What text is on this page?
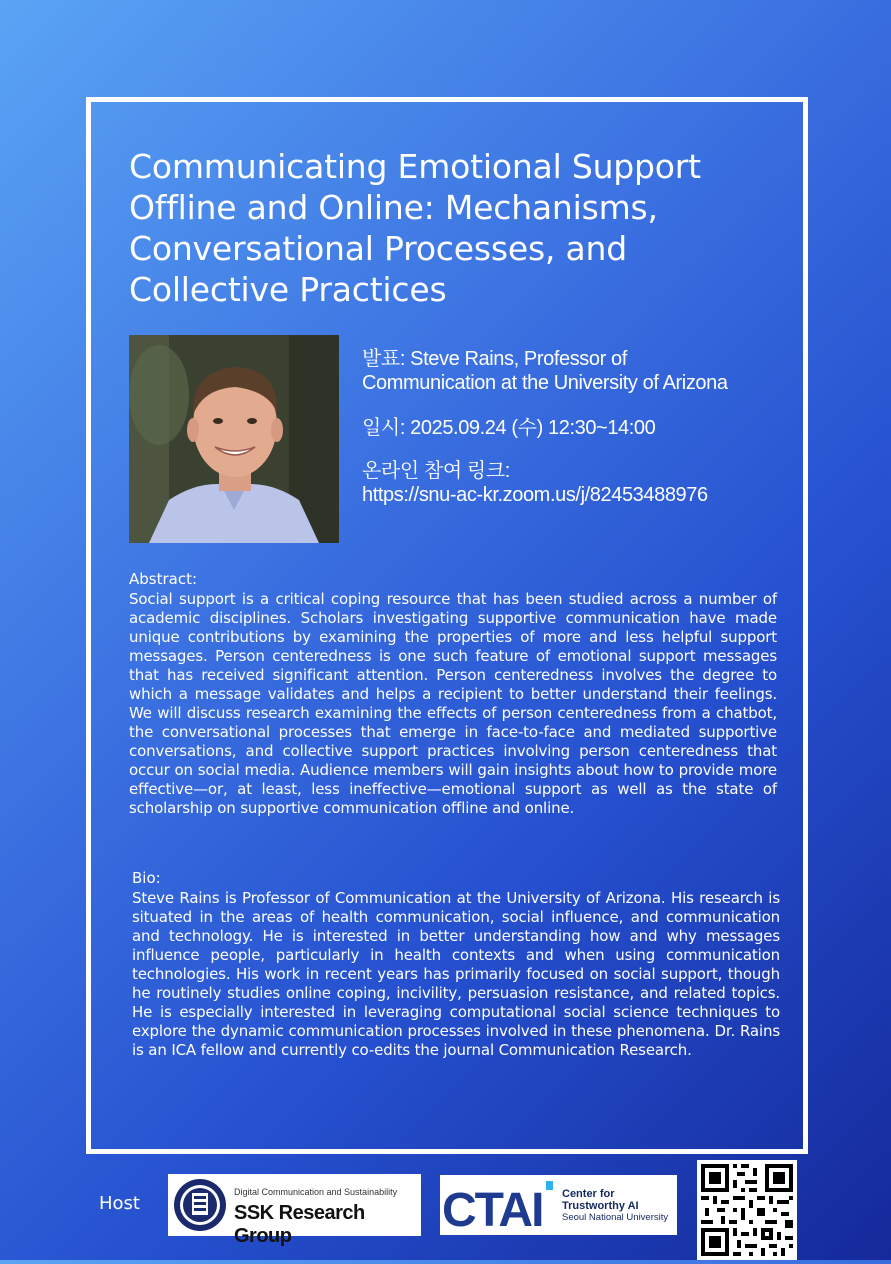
Communicating Emotional Support Offline and Online: Mechanisms, Conversational Processes, and Collective Practices
발표: Steve Rains, Professor of
Communication at the University of Arizona
일시: 2025.09.24 (수) 12:30~14:00
온라인 참여 링크:
https://snu-ac-kr.zoom.us/j/82453488976
Abstract:

Social support is a critical coping resource that has been studied across a number of academic disciplines. Scholars investigating supportive communication have made unique contributions by examining the properties of more and less helpful support messages. Person centeredness is one such feature of emotional support messages that has received significant attention. Person centeredness involves the degree to which a message validates and helps a recipient to better understand their feelings. We will discuss research examining the effects of person centeredness from a chatbot, the conversational processes that emerge in face-to-face and mediated supportive conversations, and collective support practices involving person centeredness that occur on social media. Audience members will gain insights about how to provide more effective—or, at least, less ineffective—emotional support as well as the state of scholarship on supportive communication offline and online.

Bio:

Steve Rains is Professor of Communication at the University of Arizona. His research is situated in the areas of health communication, social influence, and communication and technology. He is interested in better understanding how and why messages influence people, particularly in health contexts and when using communication technologies. His work in recent years has primarily focused on social support, though he routinely studies online coping, incivility, persuasion resistance, and related topics. He is especially interested in leveraging computational social science techniques to explore the dynamic communication processes involved in these phenomena. Dr. Rains is an ICA fellow and currently co-edits the journal Communication Research.

Host
Digital Communication and Sustainability
SSK Research Group	CTAI Center for
Trustworthy AI
Seoul National University
